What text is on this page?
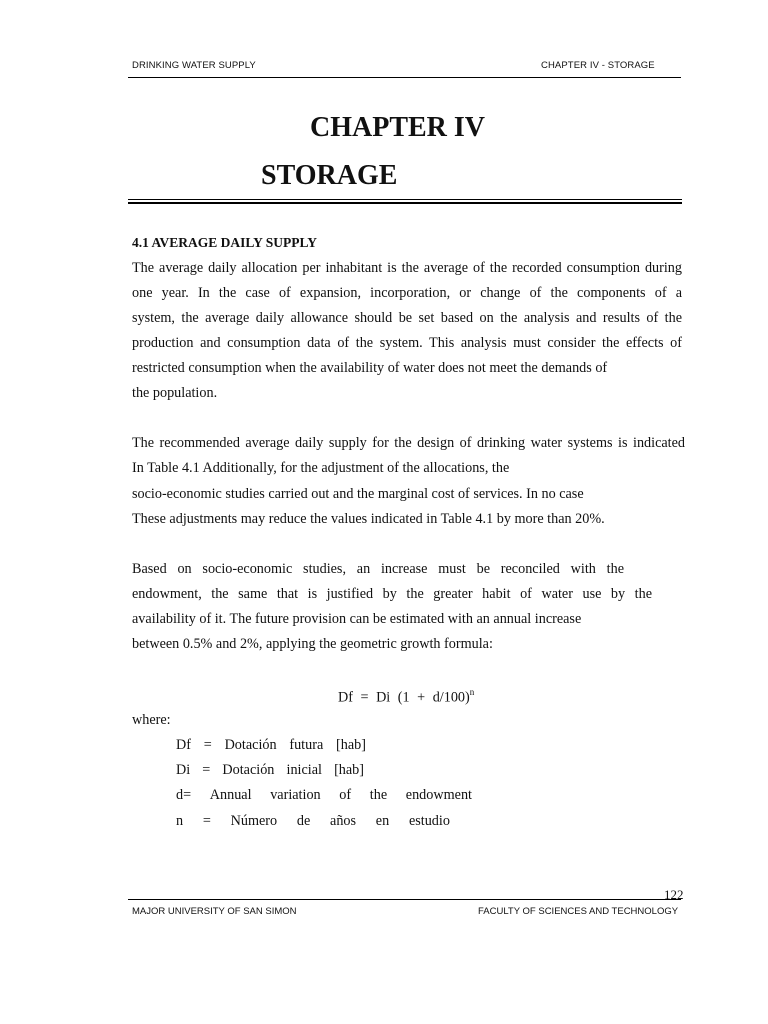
DRINKING WATER SUPPLY	CHAPTER IV - STORAGE
CHAPTER IV
STORAGE
4.1 AVERAGE DAILY SUPPLY
The average daily allocation per inhabitant is the average of the recorded consumption during
one year. In the case of expansion, incorporation, or change of the components of a
system, the average daily allowance should be set based on the analysis and results of the
production and consumption data of the system. This analysis must consider the effects of
restricted consumption when the availability of water does not meet the demands of
the population.
The recommended average daily supply for the design of drinking water systems is indicated
In Table 4.1 Additionally, for the adjustment of the allocations, the
socio-economic studies carried out and the marginal cost of services. In no case
These adjustments may reduce the values indicated in Table 4.1 by more than 20%.
Based on socio-economic studies, an increase must be reconciled with the
endowment, the same that is justified by the greater habit of water use by the
availability of it. The future provision can be estimated with an annual increase
between 0.5% and 2%, applying the geometric growth formula:
Df = Di $(1 + d/100)^n$
where:
Df = Dotación futura [hab]
Di = Dotación inicial [hab]
d= Annual variation of the endowment
n = Número de años en estudio
122
MAJOR UNIVERSITY OF SAN SIMON	FACULTY OF SCIENCES AND TECHNOLOGY
